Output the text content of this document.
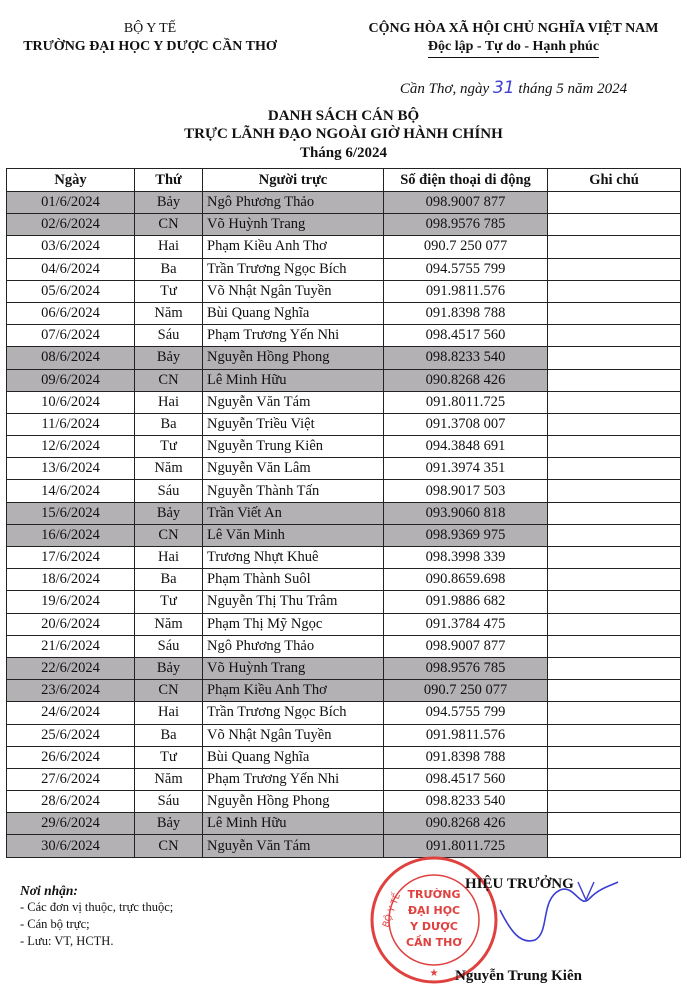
BỘ Y TẾ
TRƯỜNG ĐẠI HỌC Y DƯỢC CẦN THƠ
CỘNG HÒA XÃ HỘI CHỦ NGHĨA VIỆT NAM
Độc lập - Tự do - Hạnh phúc
Cần Thơ, ngày 31 tháng 5 năm 2024
DANH SÁCH CÁN BỘ
TRỰC LÃNH ĐẠO NGOÀI GIỜ HÀNH CHÍNH
Tháng 6/2024
Ngày	Thứ	Người trực	Số điện thoại di động	Ghi chú
01/6/2024	Bảy	Ngô Phương Thảo	098.9007 877	
02/6/2024	CN	Võ Huỳnh Trang	098.9576 785	
03/6/2024	Hai	Phạm Kiều Anh Thơ	090.7 250 077	
04/6/2024	Ba	Trần Trương Ngọc Bích	094.5755 799	
05/6/2024	Tư	Võ Nhật Ngân Tuyền	091.9811.576	
06/6/2024	Năm	Bùi Quang Nghĩa	091.8398 788	
07/6/2024	Sáu	Phạm Trương Yến Nhi	098.4517 560	
08/6/2024	Bảy	Nguyễn Hồng Phong	098.8233 540	
09/6/2024	CN	Lê Minh Hữu	090.8268 426	
10/6/2024	Hai	Nguyễn Văn Tám	091.8011.725	
11/6/2024	Ba	Nguyễn Triều Việt	091.3708 007	
12/6/2024	Tư	Nguyễn Trung Kiên	094.3848 691	
13/6/2024	Năm	Nguyễn Văn Lâm	091.3974 351	
14/6/2024	Sáu	Nguyễn Thành Tấn	098.9017 503	
15/6/2024	Bảy	Trần Viết An	093.9060 818	
16/6/2024	CN	Lê Văn Minh	098.9369 975	
17/6/2024	Hai	Trương Nhựt Khuê	098.3998 339	
18/6/2024	Ba	Phạm Thành Suôl	090.8659.698	
19/6/2024	Tư	Nguyễn Thị Thu Trâm	091.9886 682	
20/6/2024	Năm	Phạm Thị Mỹ Ngọc	091.3784 475	
21/6/2024	Sáu	Ngô Phương Thảo	098.9007 877	
22/6/2024	Bảy	Võ Huỳnh Trang	098.9576 785	
23/6/2024	CN	Phạm Kiều Anh Thơ	090.7 250 077	
24/6/2024	Hai	Trần Trương Ngọc Bích	094.5755 799	
25/6/2024	Ba	Võ Nhật Ngân Tuyền	091.9811.576	
26/6/2024	Tư	Bùi Quang Nghĩa	091.8398 788	
27/6/2024	Năm	Phạm Trương Yến Nhi	098.4517 560	
28/6/2024	Sáu	Nguyễn Hồng Phong	098.8233 540	
29/6/2024	Bảy	Lê Minh Hữu	090.8268 426	
30/6/2024	CN	Nguyễn Văn Tám	091.8011.725	
Nơi nhận:
- Các đơn vị thuộc, trực thuộc;
- Cán bộ trực;
- Lưu: VT, HCTH.
BỘ Y TẾ TRƯỜNG
ĐẠI HỌC
Y DƯỢC
CẦN THƠ
★
HIỆU TRƯỞNG
Nguyễn Trung Kiên
